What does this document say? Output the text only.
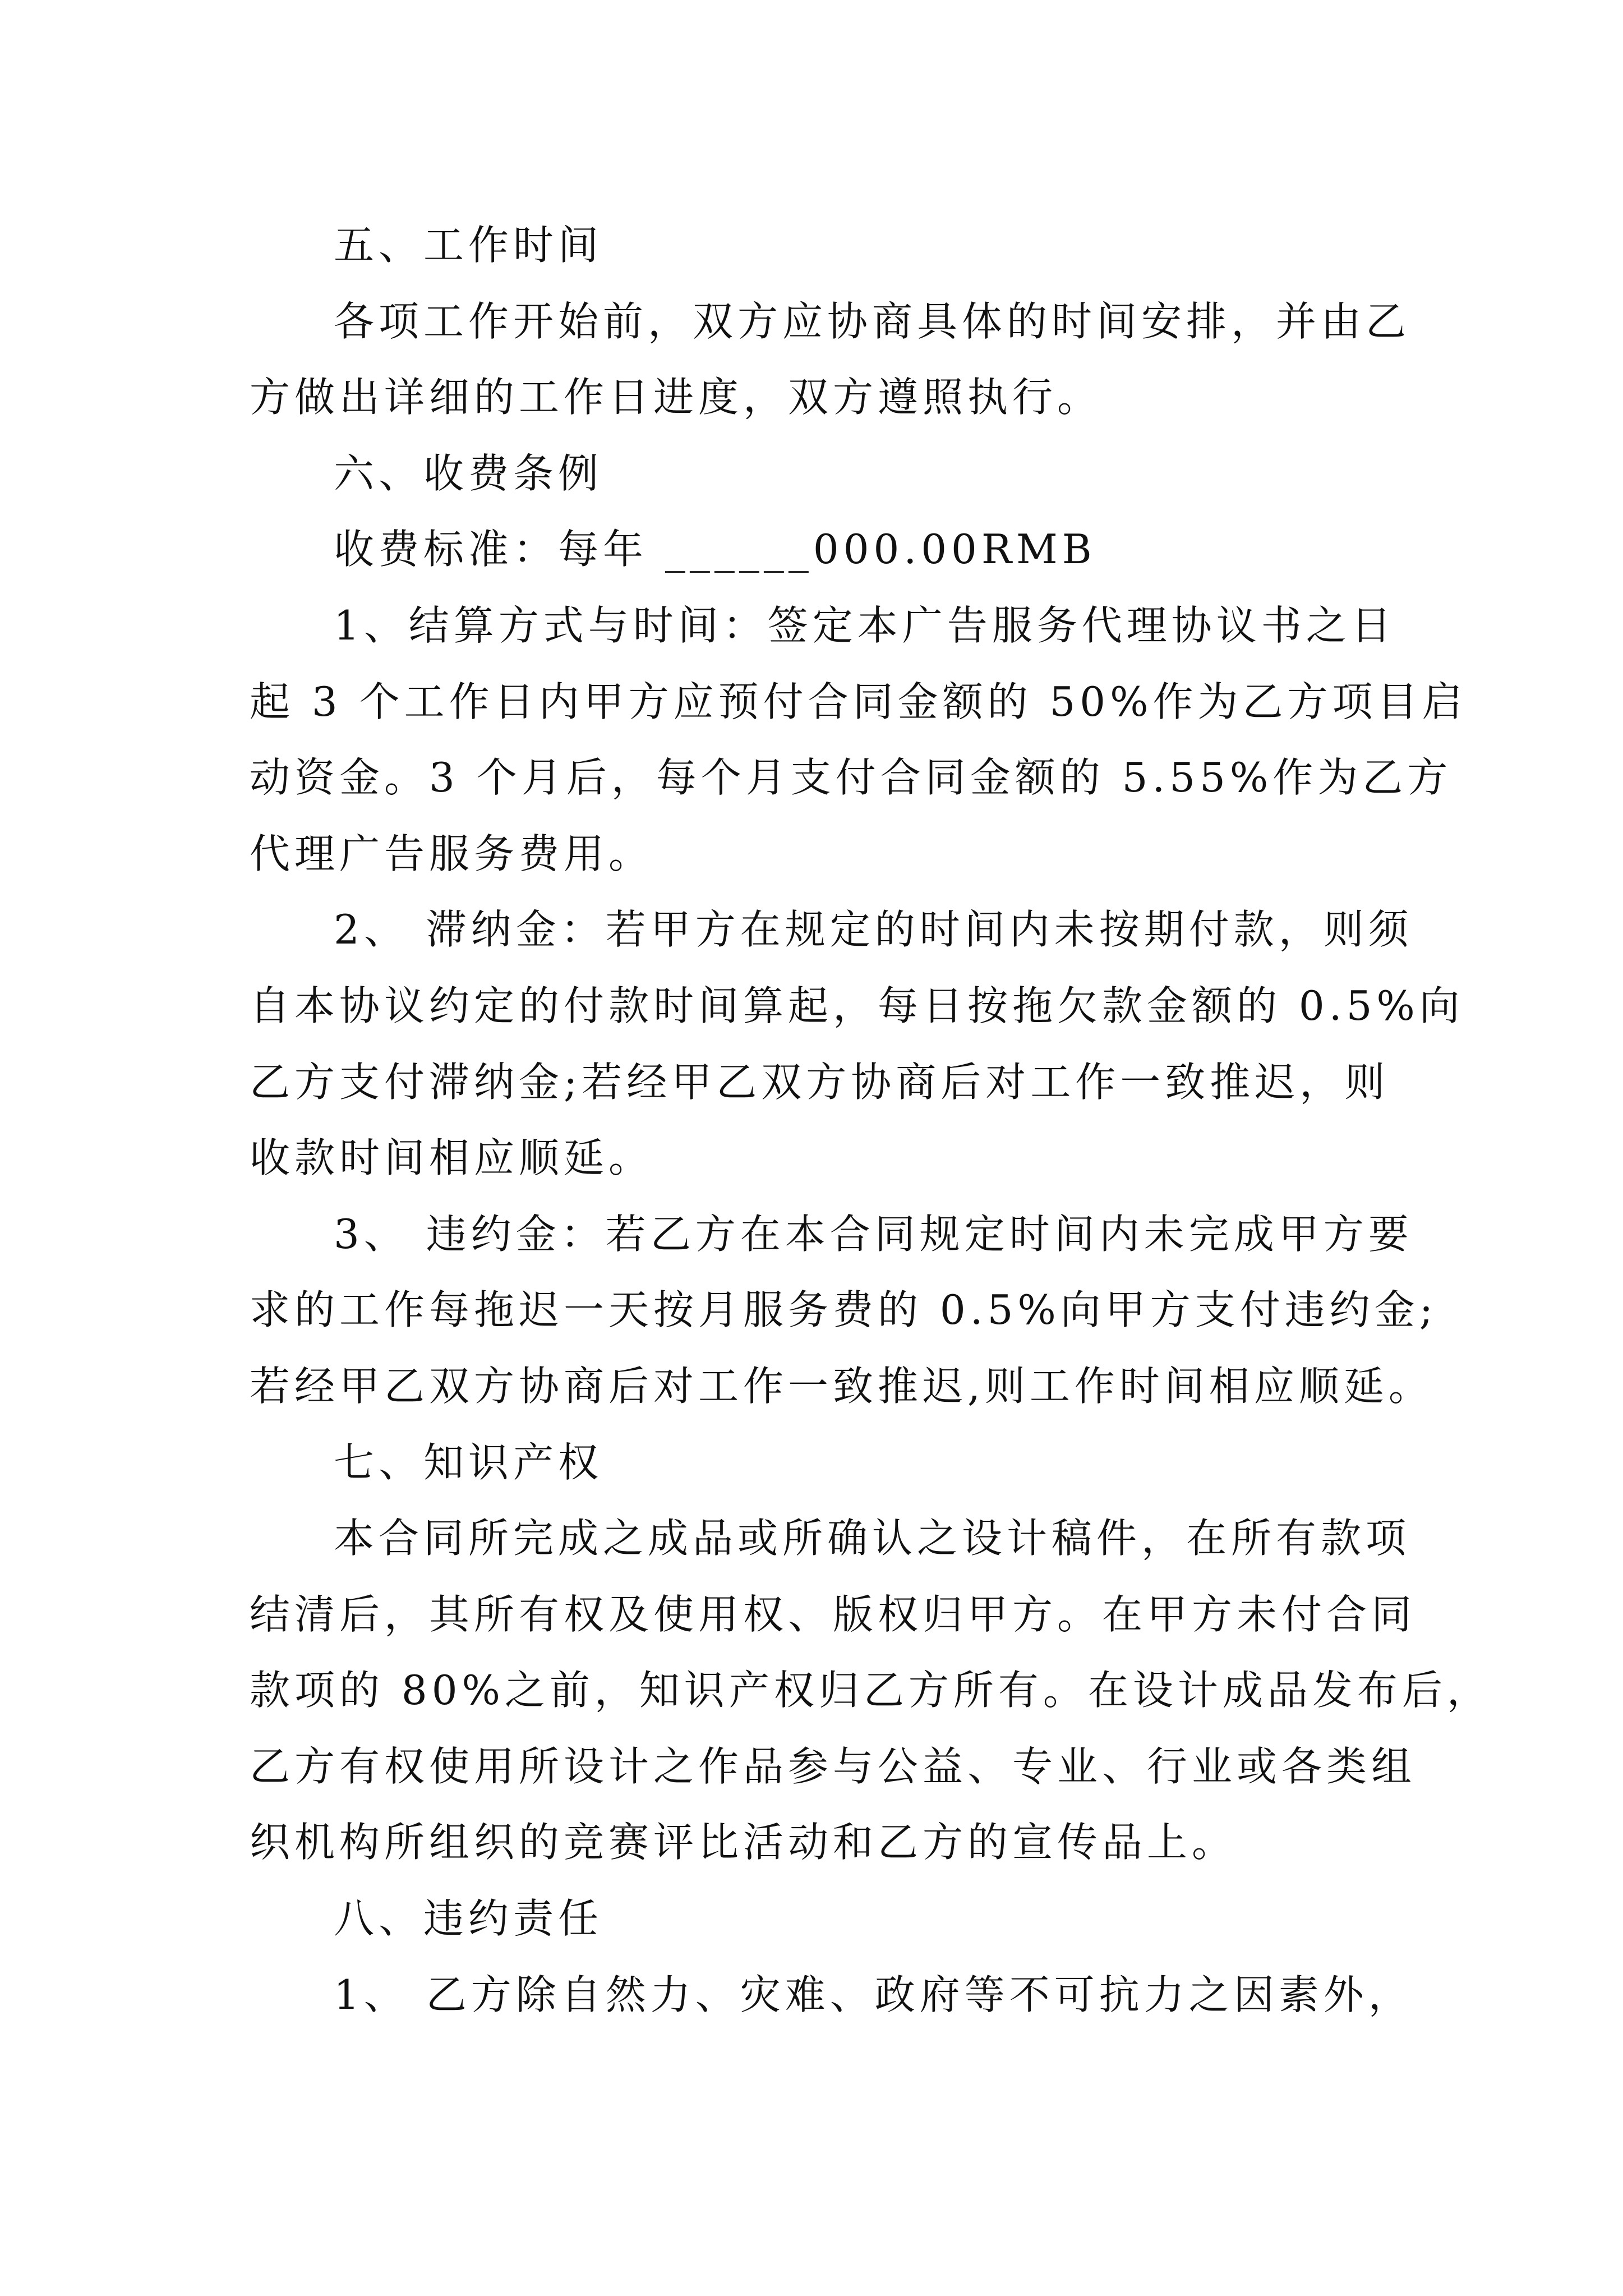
五、工作时间
各项工作开始前，双方应协商具体的时间安排，并由乙
方做出详细的工作日进度，双方遵照执行。
六、收费条例
收费标准：每年 ______000.00RMB
1、结算方式与时间：签定本广告服务代理协议书之日
起 3 个工作日内甲方应预付合同金额的 50%作为乙方项目启
动资金。3 个月后，每个月支付合同金额的 5.55%作为乙方
代理广告服务费用。
2、 滞纳金：若甲方在规定的时间内未按期付款，则须
自本协议约定的付款时间算起，每日按拖欠款金额的 0.5%向
乙方支付滞纳金;若经甲乙双方协商后对工作一致推迟，则
收款时间相应顺延。
3、 违约金：若乙方在本合同规定时间内未完成甲方要
求的工作每拖迟一天按月服务费的 0.5%向甲方支付违约金;
若经甲乙双方协商后对工作一致推迟,则工作时间相应顺延。
七、知识产权
本合同所完成之成品或所确认之设计稿件，在所有款项
结清后，其所有权及使用权、版权归甲方。在甲方未付合同
款项的 80%之前，知识产权归乙方所有。在设计成品发布后，
乙方有权使用所设计之作品参与公益、专业、行业或各类组
织机构所组织的竞赛评比活动和乙方的宣传品上。
八、违约责任
1、 乙方除自然力、灾难、政府等不可抗力之因素外，
